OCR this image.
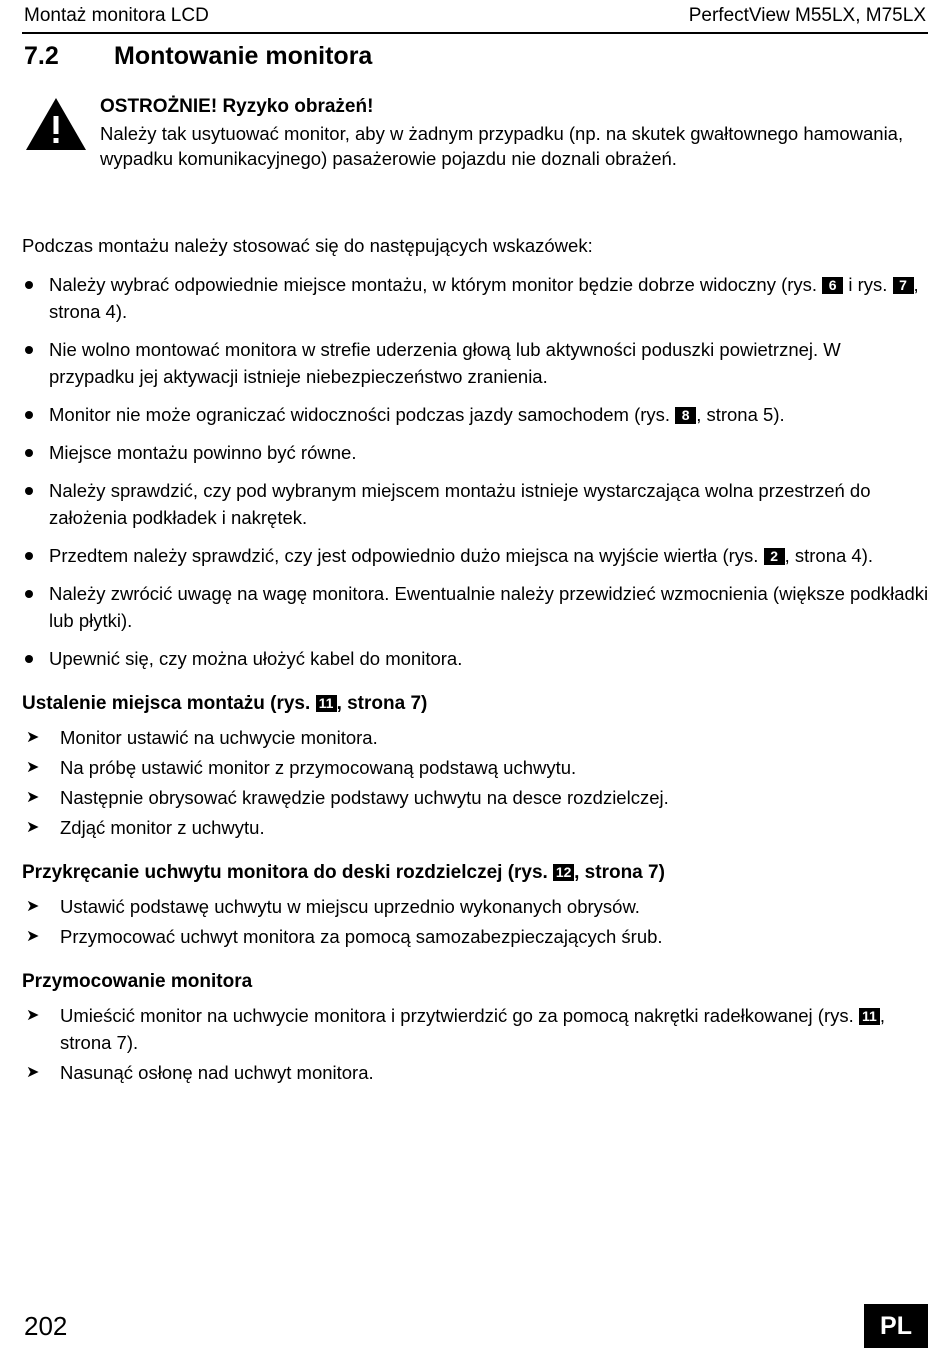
Montaż monitora LCD	PerfectView M55LX, M75LX
7.2	Montowanie monitora
OSTROŻNIE! Ryzyko obrażeń!
Należy tak usytuować monitor, aby w żadnym przypadku (np. na skutek gwałtownego hamowania, wypadku komunikacyjnego) pasażerowie pojazdu nie doznali obrażeń.

Podczas montażu należy stosować się do następujących wskazówek:

Należy wybrać odpowiednie miejsce montażu, w którym monitor będzie dobrze widoczny (rys. 6 i rys. 7 , strona 4).
Nie wolno montować monitora w strefie uderzenia głową lub aktywności poduszki powietrznej. W przypadku jej aktywacji istnieje niebezpieczeństwo zranienia.
Monitor nie może ograniczać widoczności podczas jazdy samochodem (rys. 8 , strona 5).
Miejsce montażu powinno być równe.
Należy sprawdzić, czy pod wybranym miejscem montażu istnieje wystarczająca wolna przestrzeń do założenia podkładek i nakrętek.
Przedtem należy sprawdzić, czy jest odpowiednio dużo miejsca na wyjście wiertła (rys. 2 , strona 4).
Należy zwrócić uwagę na wagę monitora. Ewentualnie należy przewidzieć wzmocnienia (większe podkładki lub płytki).
Upewnić się, czy można ułożyć kabel do monitora.
Ustalenie miejsca montażu (rys. 11 , strona 7)
➤ Monitor ustawić na uchwycie monitora.
➤ Na próbę ustawić monitor z przymocowaną podstawą uchwytu.
➤ Następnie obrysować krawędzie podstawy uchwytu na desce rozdzielczej.
➤ Zdjąć monitor z uchwytu.
Przykręcanie uchwytu monitora do deski rozdzielczej (rys. 12 , strona 7)
➤ Ustawić podstawę uchwytu w miejscu uprzednio wykonanych obrysów.
➤ Przymocować uchwyt monitora za pomocą samozabezpieczających śrub.
Przymocowanie monitora
➤ Umieścić monitor na uchwycie monitora i przytwierdzić go za pomocą nakrętki radełkowanej (rys. 11 , strona 7).
➤ Nasunąć osłonę nad uchwyt monitora.
202	PL
